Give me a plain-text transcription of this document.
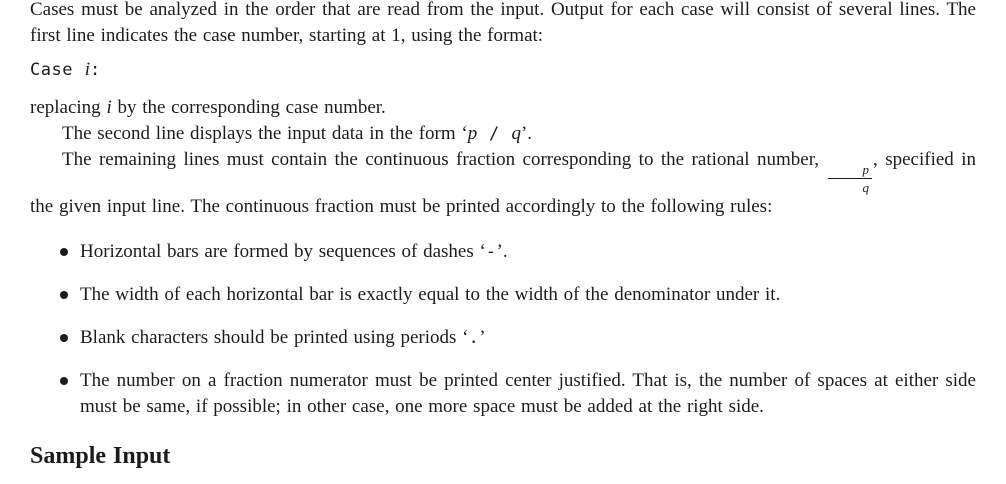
Cases must be analyzed in the order that are read from the input. Output for each case will consist of several lines. The first line indicates the case number, starting at 1, using the format:
Case i:
replacing i by the corresponding case number.
The second line displays the input data in the form ‘p / q’.
The remaining lines must contain the continuous fraction corresponding to the rational number,
$\frac{p}{q}$
, specified in the given input line. The continuous fraction must be printed accordingly to the following rules:
Horizontal bars are formed by sequences of dashes ‘-’.
The width of each horizontal bar is exactly equal to the width of the denominator under it.
Blank characters should be printed using periods ‘.’
The number on a fraction numerator must be printed center justified. That is, the number of spaces at either side must be same, if possible; in other case, one more space must be added at the right side.
Sample Input
